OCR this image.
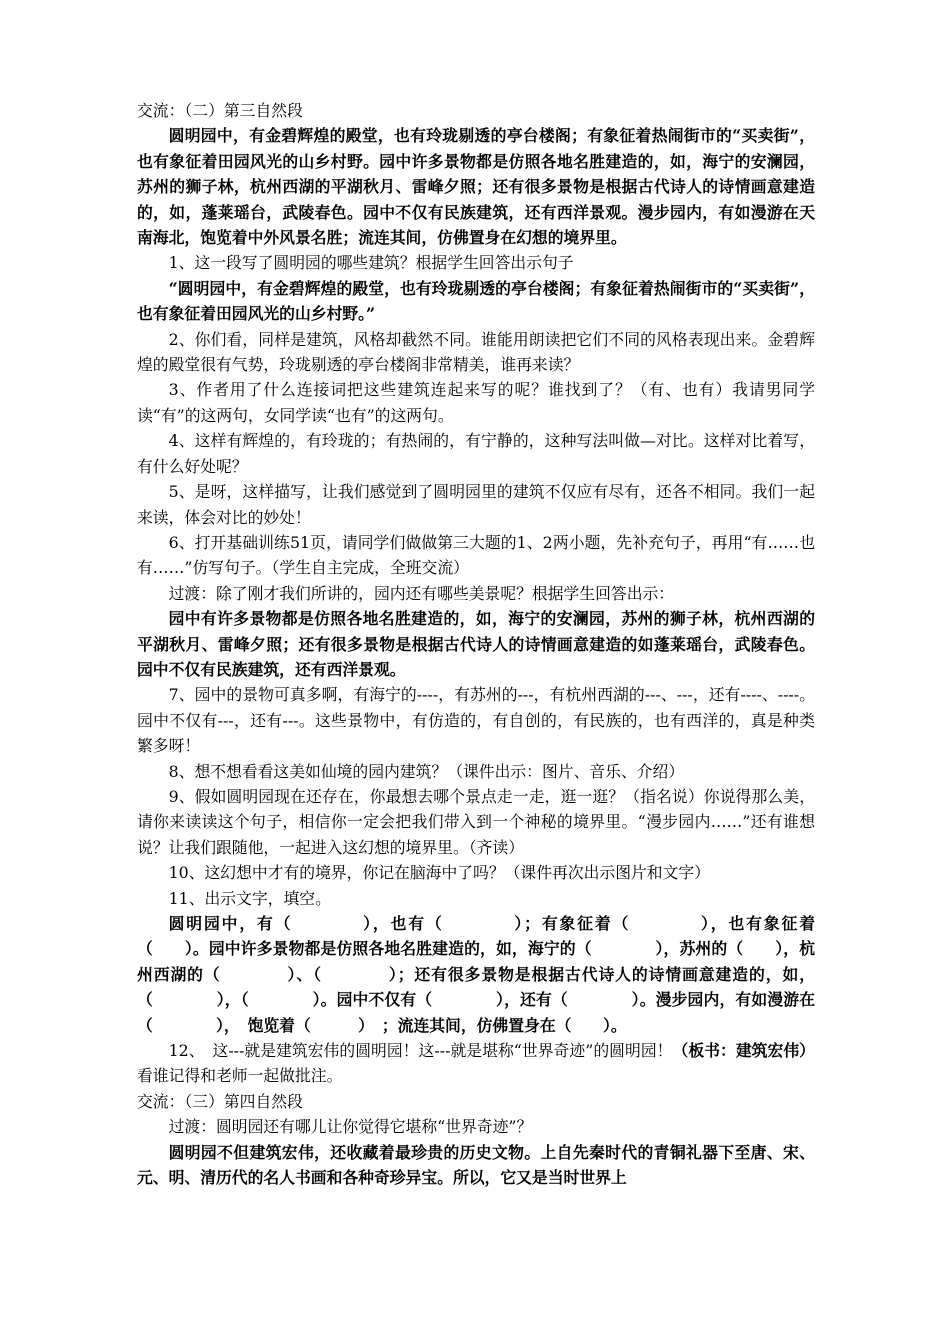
交流：（二）第三自然段

圆明园中，有金碧辉煌的殿堂，也有玲珑剔透的亭台楼阁；有象征着热闹街市的“买卖街”，也有象征着田园风光的山乡村野。园中许多景物都是仿照各地名胜建造的，如，海宁的安澜园，苏州的狮子林，杭州西湖的平湖秋月、雷峰夕照；还有很多景物是根据古代诗人的诗情画意建造的，如，蓬莱瑶台，武陵春色。园中不仅有民族建筑，还有西洋景观。漫步园内，有如漫游在天南海北，饱览着中外风景名胜；流连其间，仿佛置身在幻想的境界里。

1、这一段写了圆明园的哪些建筑？根据学生回答出示句子

“圆明园中，有金碧辉煌的殿堂，也有玲珑剔透的亭台楼阁；有象征着热闹街市的“买卖街”，也有象征着田园风光的山乡村野。”

2、你们看，同样是建筑，风格却截然不同。谁能用朗读把它们不同的风格表现出来。金碧辉煌的殿堂很有气势，玲珑剔透的亭台楼阁非常精美，谁再来读？

3、作者用了什么连接词把这些建筑连起来写的呢？谁找到了？（有、也有）我请男同学读“有”的这两句，女同学读“也有”的这两句。

4、这样有辉煌的，有玲珑的；有热闹的，有宁静的，这种写法叫做—对比。这样对比着写，有什么好处呢？

5、是呀，这样描写，让我们感觉到了圆明园里的建筑不仅应有尽有，还各不相同。我们一起来读，体会对比的妙处！

6、打开基础训练51页，请同学们做做第三大题的1、2两小题，先补充句子，再用“有……也有……”仿写句子。（学生自主完成，全班交流）

过渡：除了刚才我们所讲的，园内还有哪些美景呢？根据学生回答出示：

园中有许多景物都是仿照各地名胜建造的，如，海宁的安澜园，苏州的狮子林，杭州西湖的平湖秋月、雷峰夕照；还有很多景物是根据古代诗人的诗情画意建造的如蓬莱瑶台，武陵春色。园中不仅有民族建筑，还有西洋景观。

7、园中的景物可真多啊，有海宁的----，有苏州的---，有杭州西湖的---、---，还有----、----。园中不仅有---，还有---。这些景物中，有仿造的，有自创的，有民族的，也有西洋的，真是种类繁多呀！

8、想不想看看这美如仙境的园内建筑？（课件出示：图片、音乐、介绍）

9、假如圆明园现在还存在，你最想去哪个景点走一走，逛一逛？（指名说）你说得那么美，请你来读读这个句子，相信你一定会把我们带入到一个神秘的境界里。“漫步园内……”还有谁想说？让我们跟随他，一起进入这幻想的境界里。（齐读）

10、这幻想中才有的境界，你记在脑海中了吗？（课件再次出示图片和文字）

11、出示文字，填空。

圆明园中，有（　　　　），也有（　　　　）；有象征着（　　　　），也有象征着（　　）。园中许多景物都是仿照各地名胜建造的，如，海宁的（　　　　），苏州的（　　），杭州西湖的（　　　　）、（　　　　）；还有很多景物是根据古代诗人的诗情画意建造的，如，（　　　　），（　　　　）。园中不仅有（　　　　），还有（　　　　）。漫步园内，有如漫游在（　　　　），　饱览着（　　　）　；流连其间，仿佛置身在（　　）。

12、　这---就是建筑宏伟的圆明园！这---就是堪称“世界奇迹”的圆明园！（板书：建筑宏伟）看谁记得和老师一起做批注。

交流：（三）第四自然段

过渡：圆明园还有哪儿让你觉得它堪称“世界奇迹”？

圆明园不但建筑宏伟，还收藏着最珍贵的历史文物。上自先秦时代的青铜礼器下至唐、宋、元、明、清历代的名人书画和各种奇珍异宝。所以，它又是当时世界上
